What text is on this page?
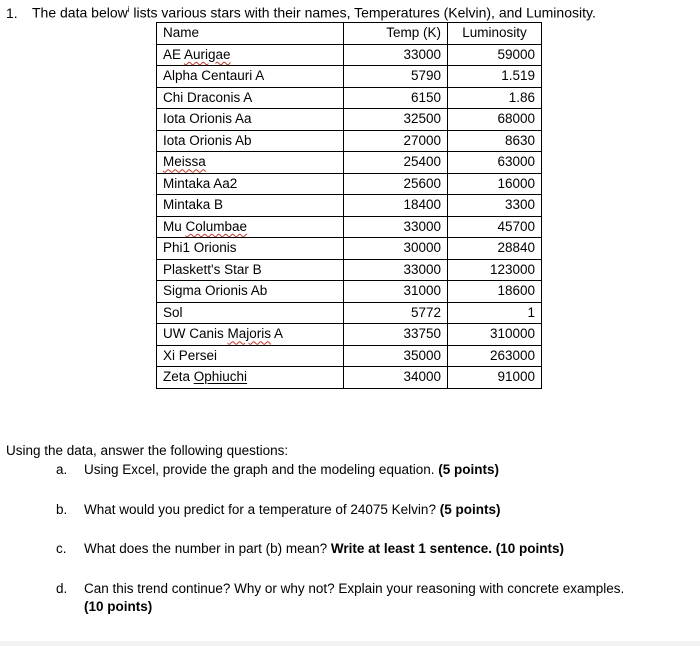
1. The data below$^i$ lists various stars with their names, Temperatures (Kelvin), and Luminosity.
Name	Temp (K)	Luminosity
AE Aurigae	33000	59000
Alpha Centauri A	5790	1.519
Chi Draconis A	6150	1.86
Iota Orionis Aa	32500	68000
Iota Orionis Ab	27000	8630
Meissa	25400	63000
Mintaka Aa2	25600	16000
Mintaka B	18400	3300
Mu Columbae	33000	45700
Phi1 Orionis	30000	28840
Plaskett's Star B	33000	123000
Sigma Orionis Ab	31000	18600
Sol	5772	1
UW Canis Majoris A	33750	310000
Xi Persei	35000	263000
Zeta Ophiuchi	34000	91000
Using the data, answer the following questions:
a. Using Excel, provide the graph and the modeling equation. (5 points)
b. What would you predict for a temperature of 24075 Kelvin? (5 points)
c. What does the number in part (b) mean? Write at least 1 sentence. (10 points)
d. Can this trend continue? Why or why not? Explain your reasoning with concrete examples.
(10 points)
